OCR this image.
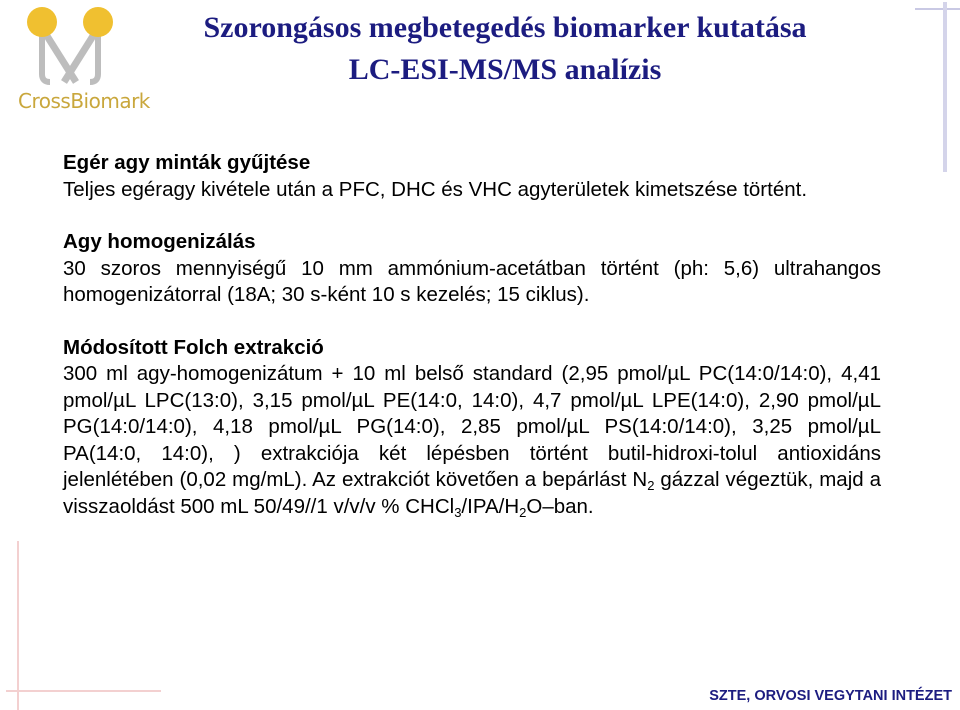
CrossBiomark
Szorongásos megbetegedés biomarker kutatása
LC-ESI-MS/MS analízis
Egér agy minták gyűjtése
Teljes egéragy kivétele után a PFC, DHC és VHC agyterületek kimetszése történt.
Agy homogenizálás
30 szoros mennyiségű 10 mm ammónium-acetátban történt (ph: 5,6) ultrahangos homogenizátorral (18A; 30 s-ként 10 s kezelés; 15 ciklus).
Módosított Folch extrakció
300 ml agy-homogenizátum + 10 ml belső standard (2,95 pmol/µL PC(14:0/14:0), 4,41 pmol/µL LPC(13:0), 3,15 pmol/µL PE(14:0, 14:0), 4,7 pmol/µL LPE(14:0), 2,90 pmol/µL PG(14:0/14:0), 4,18 pmol/µL PG(14:0), 2,85 pmol/µL PS(14:0/14:0), 3,25 pmol/µL PA(14:0, 14:0), ) extrakciója két lépésben történt butil-hidroxi-tolul antioxidáns jelenlétében (0,02 mg/mL). Az extrakciót követően a bepárlást $N_2$ gázzal végeztük, majd a visszaoldást 500 mL 50/49//1 v/v/v % $CHCl_3/IPA/H_2O$–ban.
SZTE, ORVOSI VEGYTANI INTÉZET
